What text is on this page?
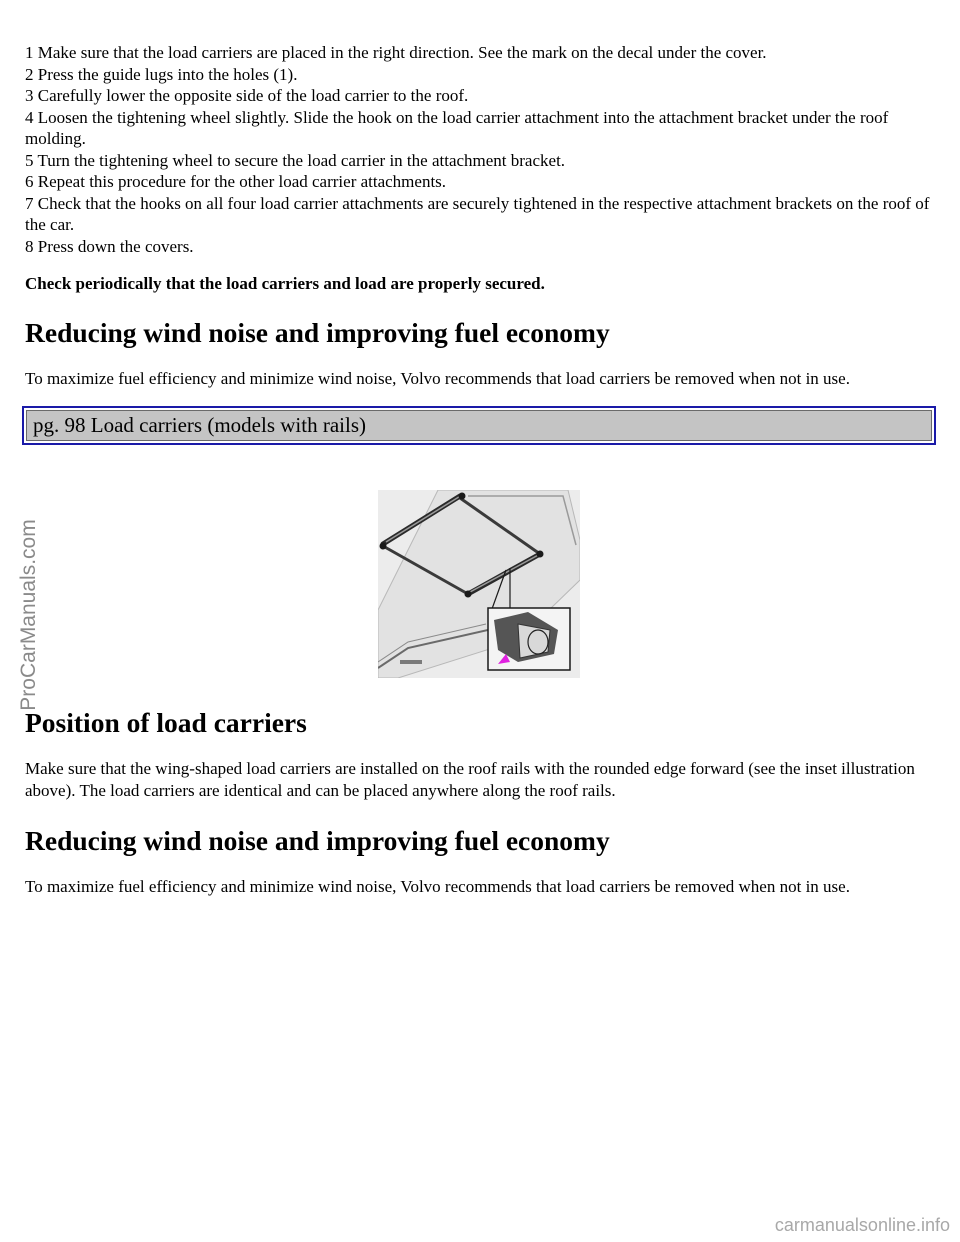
1 Make sure that the load carriers are placed in the right direction. See the mark on the decal under the cover.

2 Press the guide lugs into the holes (1).

3 Carefully lower the opposite side of the load carrier to the roof.

4 Loosen the tightening wheel slightly. Slide the hook on the load carrier attachment into the attachment bracket under the roof molding.

5 Turn the tightening wheel to secure the load carrier in the attachment bracket.

6 Repeat this procedure for the other load carrier attachments.

7 Check that the hooks on all four load carrier attachments are securely tightened in the respective attachment brackets on the roof of the car.

8 Press down the covers.

Check periodically that the load carriers and load are properly secured.

Reducing wind noise and improving fuel economy

To maximize fuel efficiency and minimize wind noise, Volvo recommends that load carriers be removed when not in use.

pg. 98 Load carriers (models with rails)
Position of load carriers

Make sure that the wing-shaped load carriers are installed on the roof rails with the rounded edge forward (see the inset illustration above). The load carriers are identical and can be placed anywhere along the roof rails.

Reducing wind noise and improving fuel economy

To maximize fuel efficiency and minimize wind noise, Volvo recommends that load carriers be removed when not in use.

ProCarManuals.com
carmanualsonline.info
